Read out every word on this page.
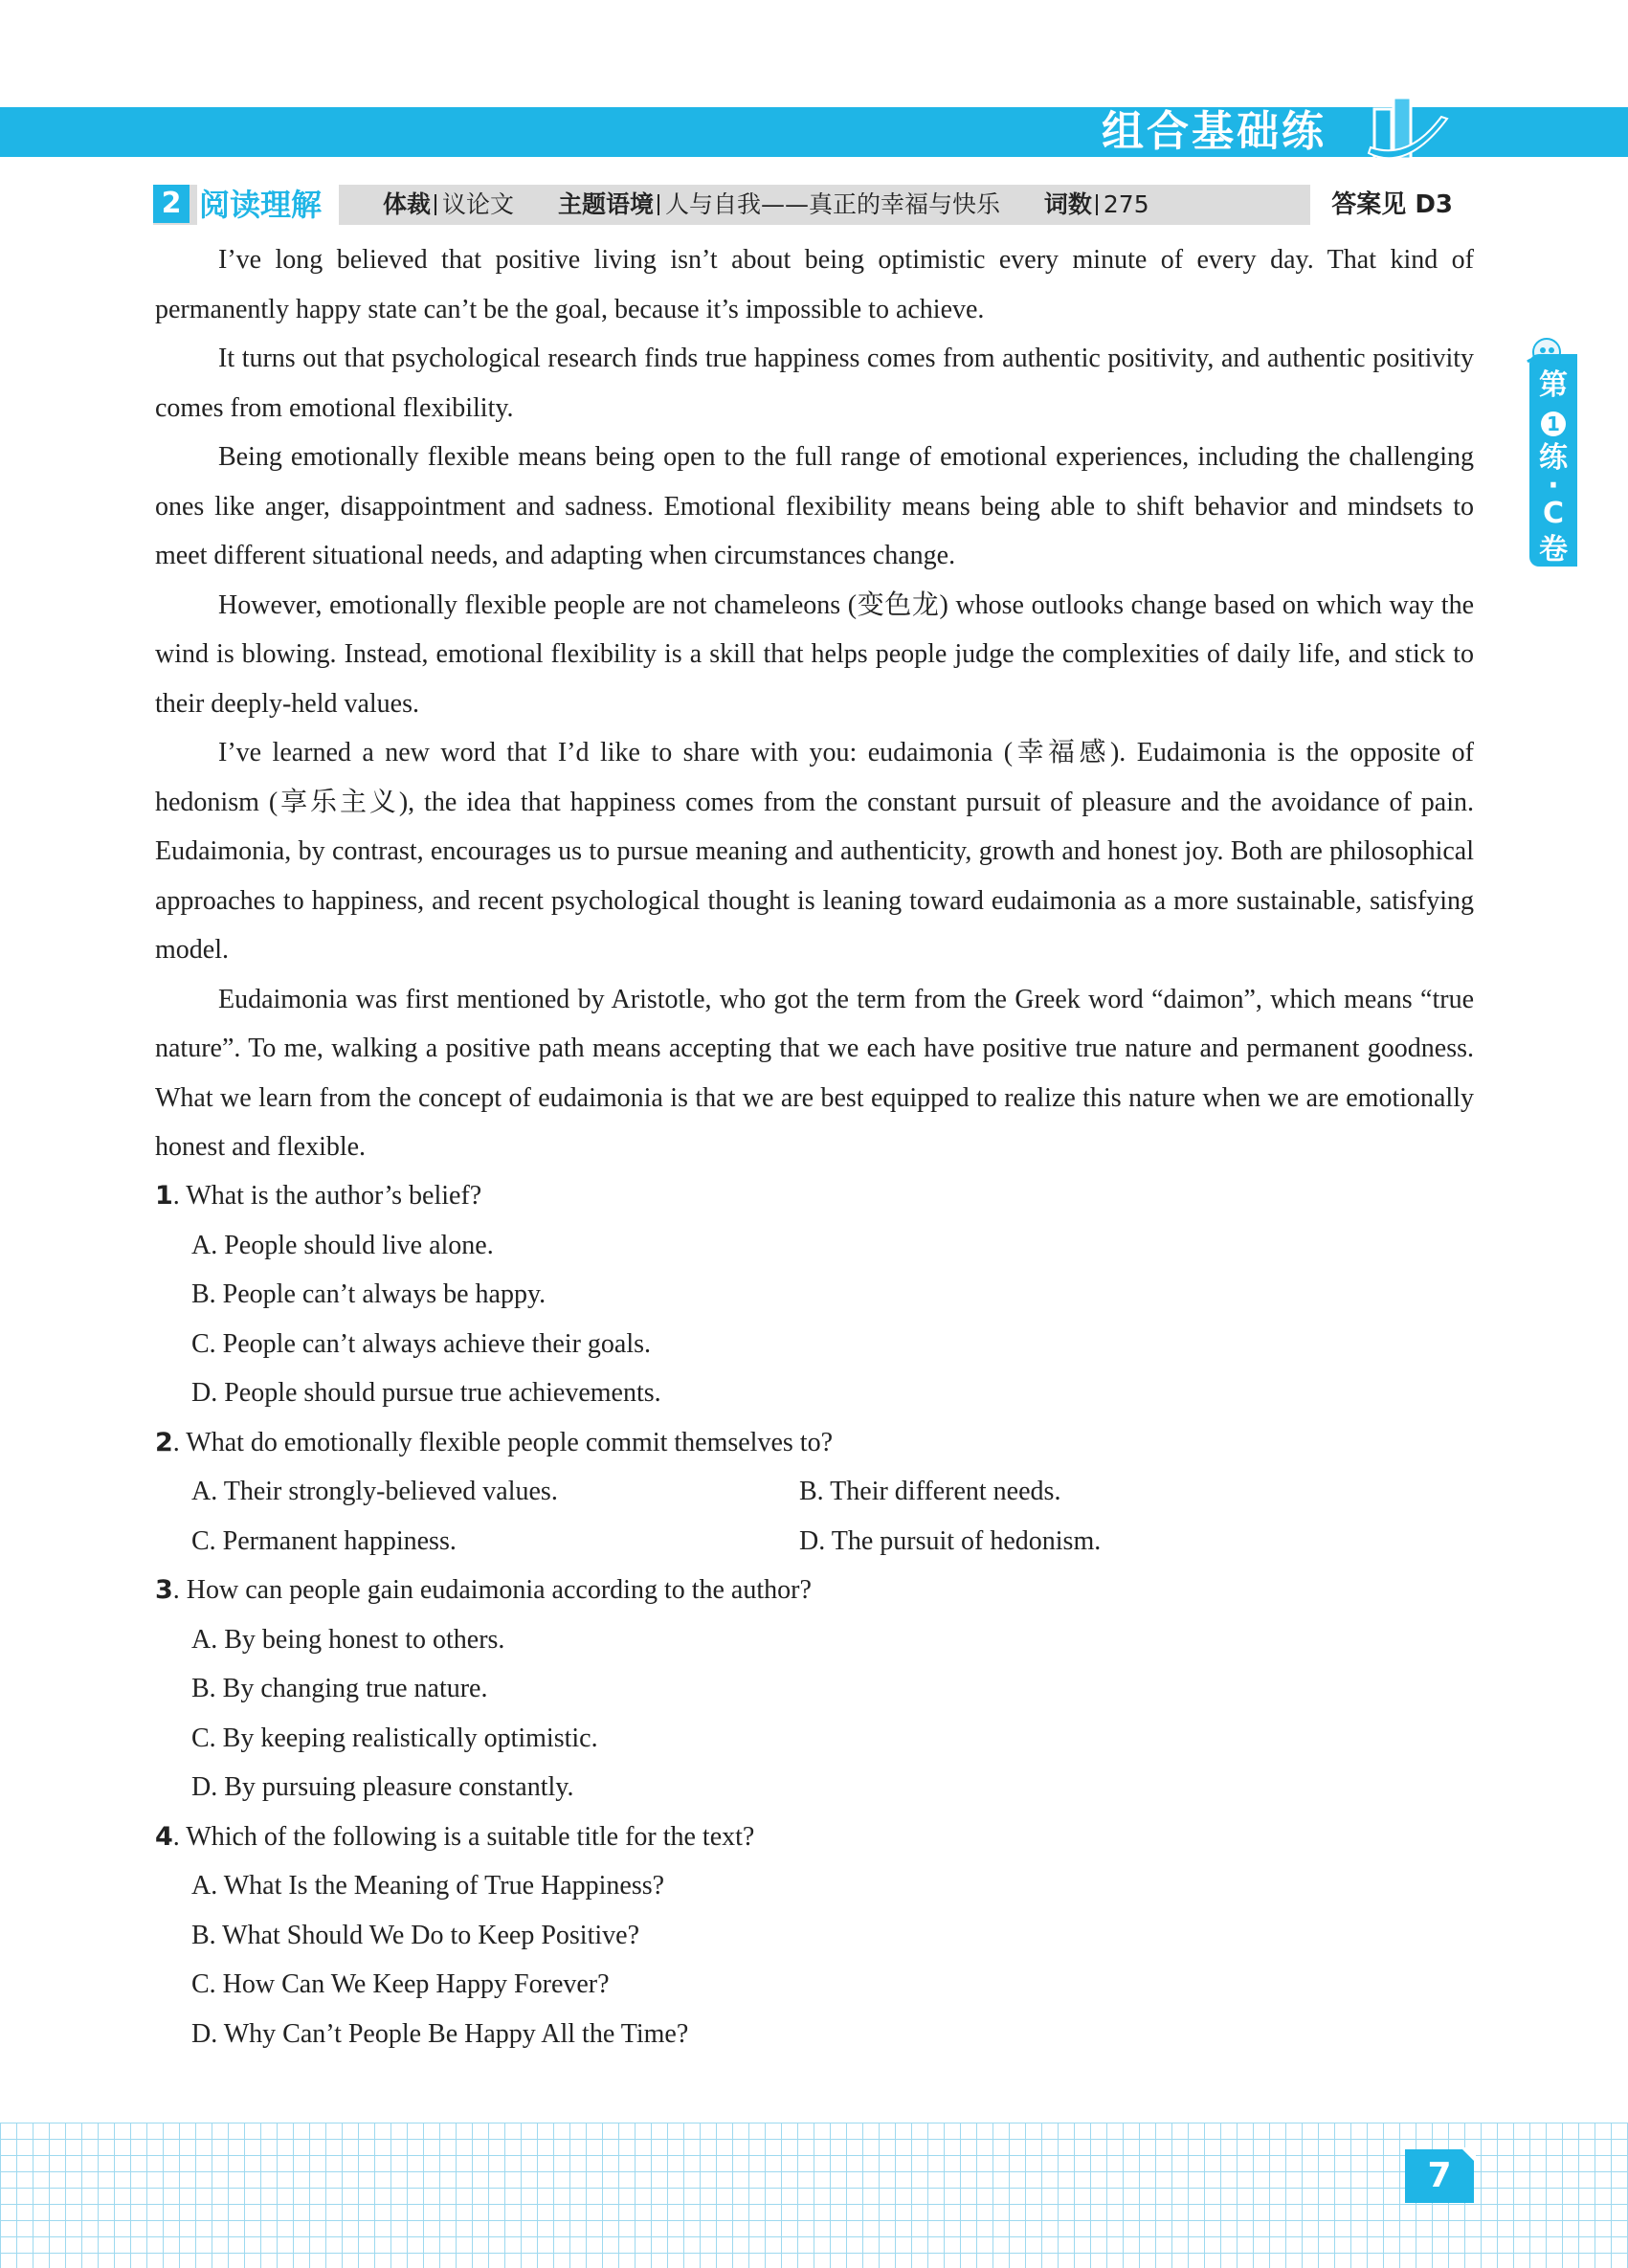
组合基础练
2 阅读理解	体裁 议论文 主题语境 人与自我——真正的幸福与快乐 词数 275	答案见 D3
第
1
练
·
C
卷

I’ve long believed that positive living isn’t about being optimistic every minute of every day. That kind of permanently happy state can’t be the goal, because it’s impossible to achieve.

It turns out that psychological research finds true happiness comes from authentic positivity, and authentic positivity comes from emotional flexibility.

Being emotionally flexible means being open to the full range of emotional experiences, including the challenging ones like anger, disappointment and sadness. Emotional flexibility means being able to shift behavior and mindsets to meet different situational needs, and adapting when circumstances change.

However, emotionally flexible people are not chameleons (变色龙) whose outlooks change based on which way the wind is blowing. Instead, emotional flexibility is a skill that helps people judge the complexities of daily life, and stick to their deeply-held values.

I’ve learned a new word that I’d like to share with you: eudaimonia (幸福感). Eudaimonia is the opposite of hedonism (享乐主义), the idea that happiness comes from the constant pursuit of pleasure and the avoidance of pain. Eudaimonia, by contrast, encourages us to pursue meaning and authenticity, growth and honest joy. Both are philosophical approaches to happiness, and recent psychological thought is leaning toward eudaimonia as a more sustainable, satisfying model.

Eudaimonia was first mentioned by Aristotle, who got the term from the Greek word “daimon”, which means “true nature”. To me, walking a positive path means accepting that we each have positive true nature and permanent goodness. What we learn from the concept of eudaimonia is that we are best equipped to realize this nature when we are emotionally honest and flexible.

1. What is the author’s belief?
A. People should live alone.
B. People can’t always be happy.
C. People can’t always achieve their goals.
D. People should pursue true achievements.
2. What do emotionally flexible people commit themselves to?
A. Their strongly-believed values.	B. Their different needs.
C. Permanent happiness.	D. The pursuit of hedonism.
3. How can people gain eudaimonia according to the author?
A. By being honest to others.
B. By changing true nature.
C. By keeping realistically optimistic.
D. By pursuing pleasure constantly.
4. Which of the following is a suitable title for the text?
A. What Is the Meaning of True Happiness?
B. What Should We Do to Keep Positive?
C. How Can We Keep Happy Forever?
D. Why Can’t People Be Happy All the Time?
7
